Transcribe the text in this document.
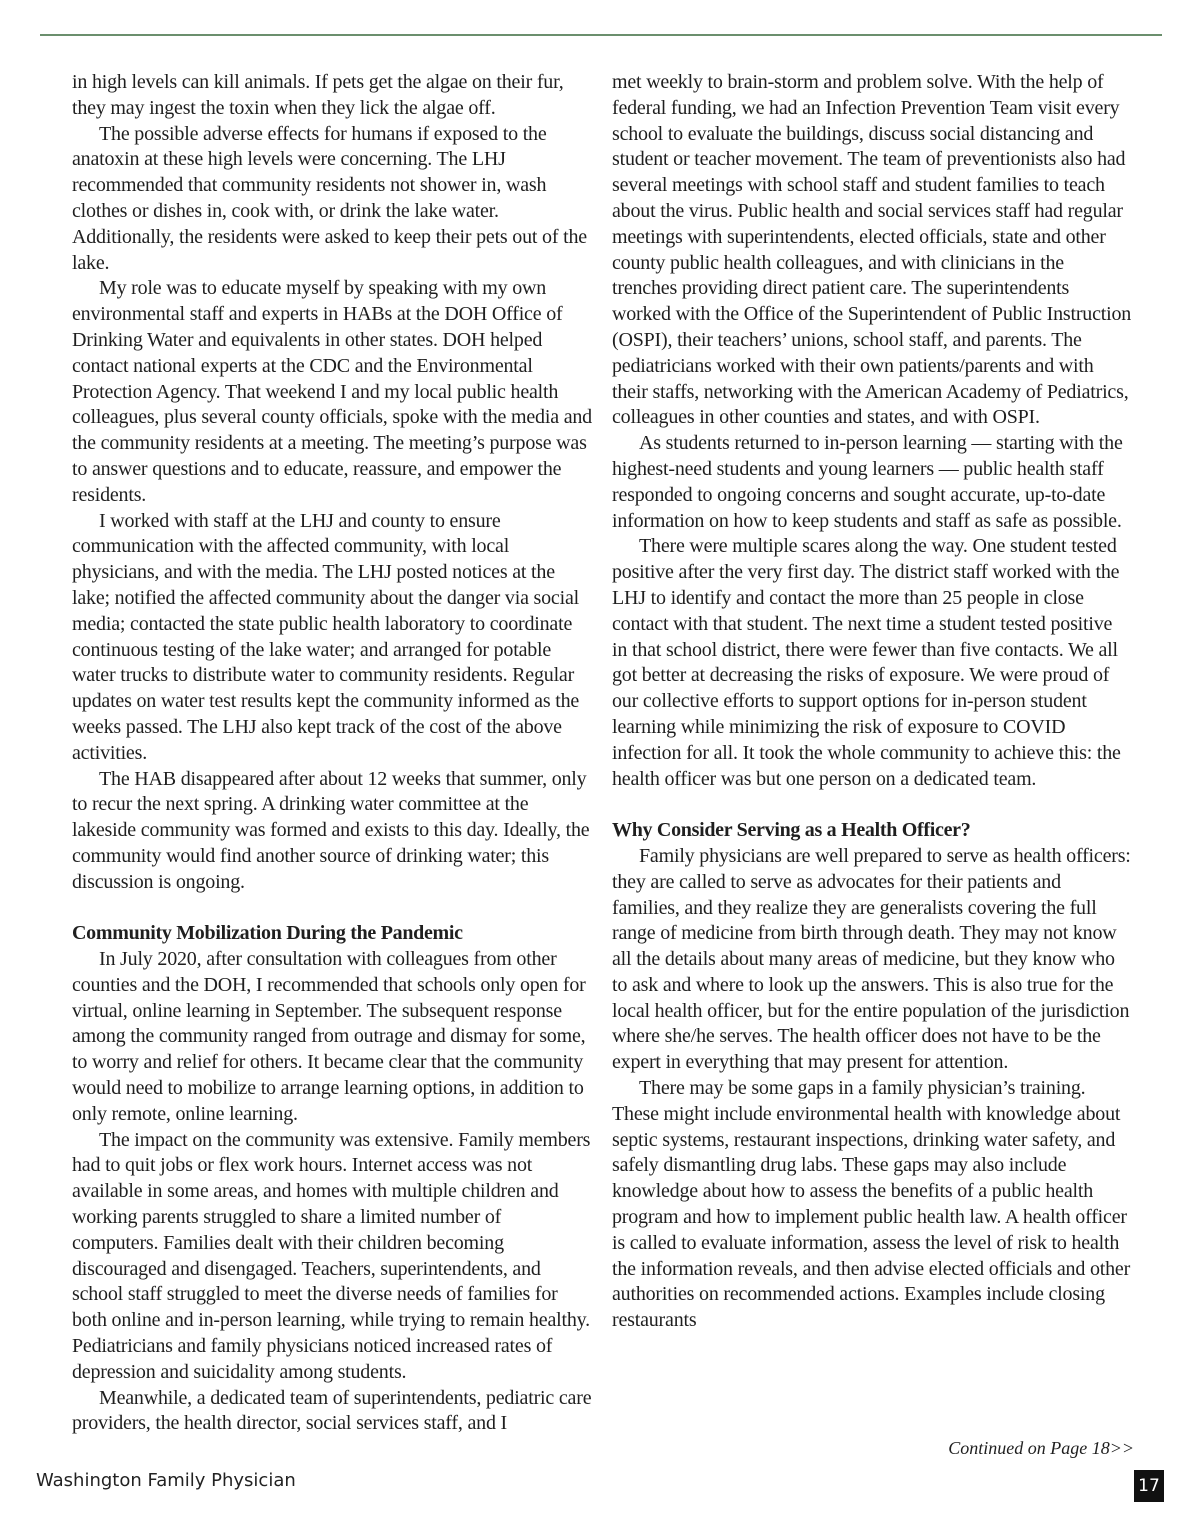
in high levels can kill animals. If pets get the algae on their fur, they may ingest the toxin when they lick the algae off.

The possible adverse effects for humans if exposed to the anatoxin at these high levels were concerning. The LHJ recommended that community residents not shower in, wash clothes or dishes in, cook with, or drink the lake water. Additionally, the residents were asked to keep their pets out of the lake.

My role was to educate myself by speaking with my own environmental staff and experts in HABs at the DOH Office of Drinking Water and equivalents in other states. DOH helped contact national experts at the CDC and the Environmental Protection Agency. That weekend I and my local public health colleagues, plus several county officials, spoke with the media and the community residents at a meeting. The meeting’s purpose was to answer questions and to educate, reassure, and empower the residents.

I worked with staff at the LHJ and county to ensure communication with the affected community, with local physicians, and with the media. The LHJ posted notices at the lake; notified the affected community about the danger via social media; contacted the state public health laboratory to coordinate continuous testing of the lake water; and arranged for potable water trucks to distribute water to community residents. Regular updates on water test results kept the community informed as the weeks passed. The LHJ also kept track of the cost of the above activities.

The HAB disappeared after about 12 weeks that summer, only to recur the next spring. A drinking water committee at the lakeside community was formed and exists to this day. Ideally, the community would find another source of drinking water; this discussion is ongoing.

Community Mobilization During the Pandemic

In July 2020, after consultation with colleagues from other counties and the DOH, I recommended that schools only open for virtual, online learning in September. The subsequent response among the community ranged from outrage and dismay for some, to worry and relief for others. It became clear that the community would need to mobilize to arrange learning options, in addition to only remote, online learning.

The impact on the community was extensive. Family members had to quit jobs or flex work hours. Internet access was not available in some areas, and homes with multiple children and working parents struggled to share a limited number of computers. Families dealt with their children becoming discouraged and disengaged. Teachers, superintendents, and school staff struggled to meet the diverse needs of families for both online and in-person learning, while trying to remain healthy. Pediatricians and family physicians noticed increased rates of depression and suicidality among students.

Meanwhile, a dedicated team of superintendents, pediatric care providers, the health director, social services staff, and I

met weekly to brain-storm and problem solve. With the help of federal funding, we had an Infection Prevention Team visit every school to evaluate the buildings, discuss social distancing and student or teacher movement. The team of preventionists also had several meetings with school staff and student families to teach about the virus. Public health and social services staff had regular meetings with superintendents, elected officials, state and other county public health colleagues, and with clinicians in the trenches providing direct patient care. The superintendents worked with the Office of the Superintendent of Public Instruction (OSPI), their teachers’ unions, school staff, and parents. The pediatricians worked with their own patients/parents and with their staffs, networking with the American Academy of Pediatrics, colleagues in other counties and states, and with OSPI.

As students returned to in-person learning — starting with the highest-need students and young learners — public health staff responded to ongoing concerns and sought accurate, up-to-date information on how to keep students and staff as safe as possible.

There were multiple scares along the way. One student tested positive after the very first day. The district staff worked with the LHJ to identify and contact the more than 25 people in close contact with that student. The next time a student tested positive in that school district, there were fewer than five contacts. We all got better at decreasing the risks of exposure. We were proud of our collective efforts to support options for in-person student learning while minimizing the risk of exposure to COVID infection for all. It took the whole community to achieve this: the health officer was but one person on a dedicated team.

Why Consider Serving as a Health Officer?

Family physicians are well prepared to serve as health officers: they are called to serve as advocates for their patients and families, and they realize they are generalists covering the full range of medicine from birth through death. They may not know all the details about many areas of medicine, but they know who to ask and where to look up the answers. This is also true for the local health officer, but for the entire population of the jurisdiction where she/he serves. The health officer does not have to be the expert in everything that may present for attention.

There may be some gaps in a family physician’s training. These might include environmental health with knowledge about septic systems, restaurant inspections, drinking water safety, and safely dismantling drug labs. These gaps may also include knowledge about how to assess the benefits of a public health program and how to implement public health law. A health officer is called to evaluate information, assess the level of risk to health the information reveals, and then advise elected officials and other authorities on recommended actions. Examples include closing restaurants

Continued on Page 18>>
Washington Family Physician	17
